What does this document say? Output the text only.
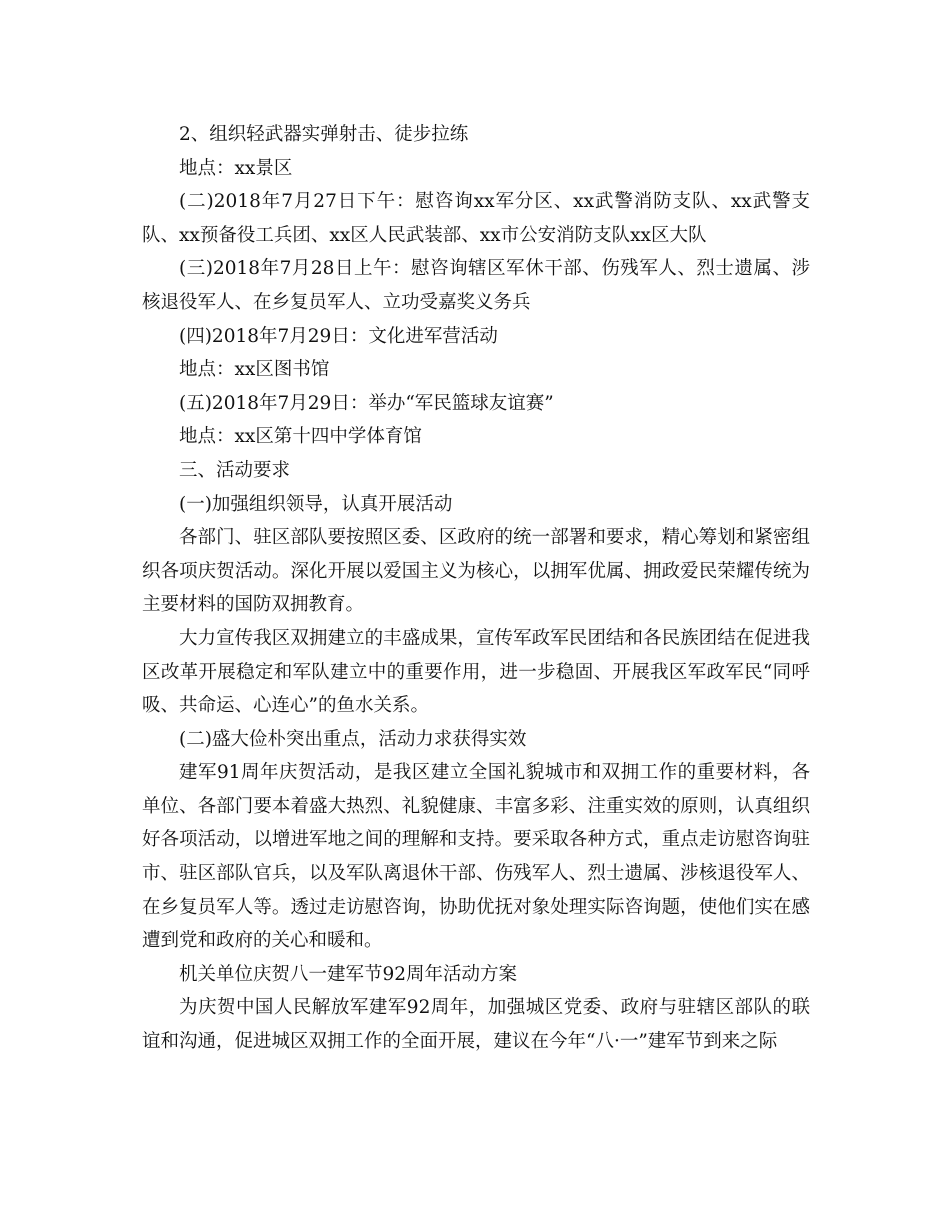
2、组织轻武器实弹射击、徒步拉练

地点：xx景区

(二)2018年7月27日下午：慰咨询xx军分区、xx武警消防支队、xx武警支队、xx预备役工兵团、xx区人民武装部、xx市公安消防支队xx区大队

(三)2018年7月28日上午：慰咨询辖区军休干部、伤残军人、烈士遗属、涉核退役军人、在乡复员军人、立功受嘉奖义务兵

(四)2018年7月29日：文化进军营活动

地点：xx区图书馆

(五)2018年7月29日：举办“军民篮球友谊赛”

地点：xx区第十四中学体育馆

三、活动要求

(一)加强组织领导，认真开展活动

各部门、驻区部队要按照区委、区政府的统一部署和要求，精心筹划和紧密组织各项庆贺活动。深化开展以爱国主义为核心，以拥军优属、拥政爱民荣耀传统为主要材料的国防双拥教育。

大力宣传我区双拥建立的丰盛成果，宣传军政军民团结和各民族团结在促进我区改革开展稳定和军队建立中的重要作用，进一步稳固、开展我区军政军民“同呼吸、共命运、心连心”的鱼水关系。

(二)盛大俭朴突出重点，活动力求获得实效

建军91周年庆贺活动，是我区建立全国礼貌城市和双拥工作的重要材料，各单位、各部门要本着盛大热烈、礼貌健康、丰富多彩、注重实效的原则，认真组织好各项活动，以增进军地之间的理解和支持。要采取各种方式，重点走访慰咨询驻市、驻区部队官兵，以及军队离退休干部、伤残军人、烈士遗属、涉核退役军人、在乡复员军人等。透过走访慰咨询，协助优抚对象处理实际咨询题，使他们实在感遭到党和政府的关心和暖和。

机关单位庆贺八一建军节92周年活动方案

为庆贺中国人民解放军建军92周年，加强城区党委、政府与驻辖区部队的联谊和沟通，促进城区双拥工作的全面开展，建议在今年“八·一”建军节到来之际
